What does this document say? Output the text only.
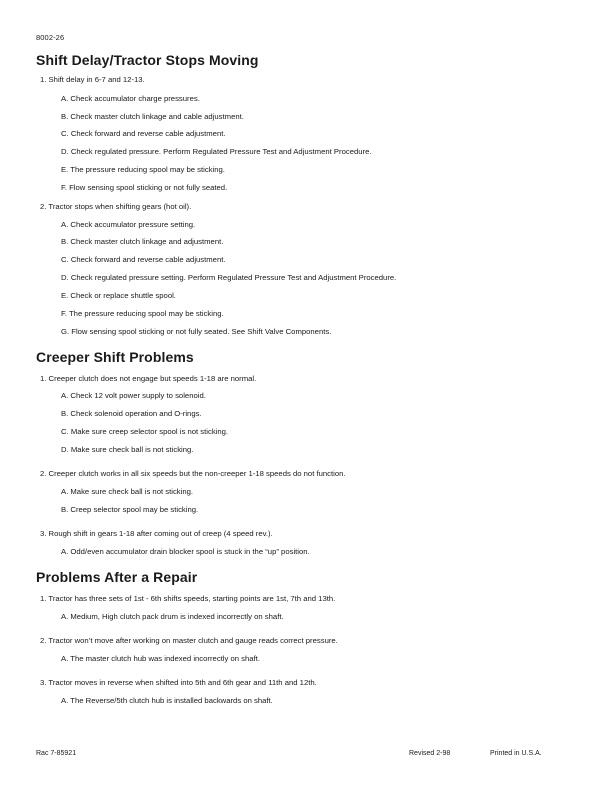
8002-26
Shift Delay/Tractor Stops Moving
1. Shift delay in 6-7 and 12-13.
A. Check accumulator charge pressures.
B. Check master clutch linkage and cable adjustment.
C. Check forward and reverse cable adjustment.
D. Check regulated pressure. Perform Regulated Pressure Test and Adjustment Procedure.
E. The pressure reducing spool may be sticking.
F. Flow sensing spool sticking or not fully seated.
2. Tractor stops when shifting gears (hot oil).
A. Check accumulator pressure setting.
B. Check master clutch linkage and adjustment.
C. Check forward and reverse cable adjustment.
D. Check regulated pressure setting. Perform Regulated Pressure Test and Adjustment Procedure.
E. Check or replace shuttle spool.
F. The pressure reducing spool may be sticking.
G. Flow sensing spool sticking or not fully seated. See Shift Valve Components.
Creeper Shift Problems
1. Creeper clutch does not engage but speeds 1-18 are normal.
A. Check 12 volt power supply to solenoid.
B. Check solenoid operation and O-rings.
C. Make sure creep selector spool is not sticking.
D. Make sure check ball is not sticking.
2. Creeper clutch works in all six speeds but the non-creeper 1-18 speeds do not function.
A. Make sure check ball is not sticking.
B. Creep selector spool may be sticking.
3. Rough shift in gears 1-18 after coming out of creep (4 speed rev.).
A. Odd/even accumulator drain blocker spool is stuck in the “up” position.
Problems After a Repair
1. Tractor has three sets of 1st - 6th shifts speeds, starting points are 1st, 7th and 13th.
A. Medium, High clutch pack drum is indexed incorrectly on shaft.
2. Tractor won’t move after working on master clutch and gauge reads correct pressure.
A. The master clutch hub was indexed incorrectly on shaft.
3. Tractor moves in reverse when shifted into 5th and 6th gear and 11th and 12th.
A. The Reverse/5th clutch hub is installed backwards on shaft.
Rac 7-85921	Revised 2-98	Printed in U.S.A.
